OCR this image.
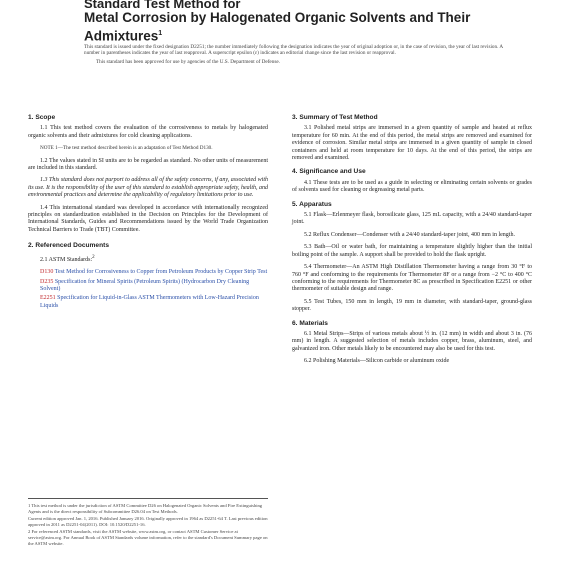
Standard Test Method for
Metal Corrosion by Halogenated Organic Solvents and Their
Admixtures$^1$

This standard is issued under the fixed designation D2251; the number immediately following the designation indicates the year of original adoption or, in the case of revision, the year of last revision. A number in parentheses indicates the year of last reapproval. A superscript epsilon (ε) indicates an editorial change since the last revision or reapproval.

This standard has been approved for use by agencies of the U.S. Department of Defense.

1. Scope

1.1 This test method covers the evaluation of the corrosiveness to metals by halogenated organic solvents and their admixtures for cold cleaning applications.

NOTE 1—The test method described herein is an adaptation of Test Method D130.

1.2 The values stated in SI units are to be regarded as standard. No other units of measurement are included in this standard.

1.3 This standard does not purport to address all of the safety concerns, if any, associated with its use. It is the responsibility of the user of this standard to establish appropriate safety, health, and environmental practices and determine the applicability of regulatory limitations prior to use.

1.4 This international standard was developed in accordance with internationally recognized principles on standardization established in the Decision on Principles for the Development of International Standards, Guides and Recommendations issued by the World Trade Organization Technical Barriers to Trade (TBT) Committee.

2. Referenced Documents

2.1 ASTM Standards:$^2$

D130 Test Method for Corrosiveness to Copper from Petroleum Products by Copper Strip Test
D235 Specification for Mineral Spirits (Petroleum Spirits) (Hydrocarbon Dry Cleaning Solvent)
E2251 Specification for Liquid-in-Glass ASTM Thermometers with Low-Hazard Precision Liquids

1 This test method is under the jurisdiction of ASTM Committee D26 on Halogenated Organic Solvents and Fire Extinguishing Agents and is the direct responsibility of Subcommittee D26.04 on Test Methods.

Current edition approved Jan. 1, 2016. Published January 2016. Originally approved in 1964 as D2251-64 T. Last previous edition approved in 2011 as D2251-04(2011). DOI: 10.1520/D2251-16.

2 For referenced ASTM standards, visit the ASTM website, www.astm.org, or contact ASTM Customer Service at service@astm.org. For Annual Book of ASTM Standards volume information, refer to the standard's Document Summary page on the ASTM website.

3. Summary of Test Method

3.1 Polished metal strips are immersed in a given quantity of sample and heated at reflux temperature for 60 min. At the end of this period, the metal strips are removed and examined for evidence of corrosion. Similar metal strips are immersed in a given quantity of sample in closed containers and held at room temperature for 10 days. At the end of this period, the strips are removed and examined.

4. Significance and Use

4.1 These tests are to be used as a guide in selecting or eliminating certain solvents or grades of solvents used for cleaning or degreasing metal parts.

5. Apparatus

5.1 Flask—Erlenmeyer flask, borosilicate glass, 125 mL capacity, with a 24/40 standard-taper joint.

5.2 Reflux Condenser—Condenser with a 24/40 standard-taper joint, 400 mm in length.

5.3 Bath—Oil or water bath, for maintaining a temperature slightly higher than the initial boiling point of the sample. A support shall be provided to hold the flask upright.

5.4 Thermometer—An ASTM High Distillation Thermometer having a range from 30 °F to 760 °F and conforming to the requirements for Thermometer 8F or a range from −2 °C to 400 °C conforming to the requirements for Thermometer 8C as prescribed in Specification E2251 or other thermometer of suitable design and range.

5.5 Test Tubes, 150 mm in length, 19 mm in diameter, with standard-taper, ground-glass stopper.

6. Materials

6.1 Metal Strips—Strips of various metals about ½ in. (12 mm) in width and about 3 in. (76 mm) in length. A suggested selection of metals includes copper, brass, aluminum, steel, and galvanized iron. Other metals likely to be encountered may also be used for this test.

6.2 Polishing Materials—Silicon carbide or aluminum oxide
